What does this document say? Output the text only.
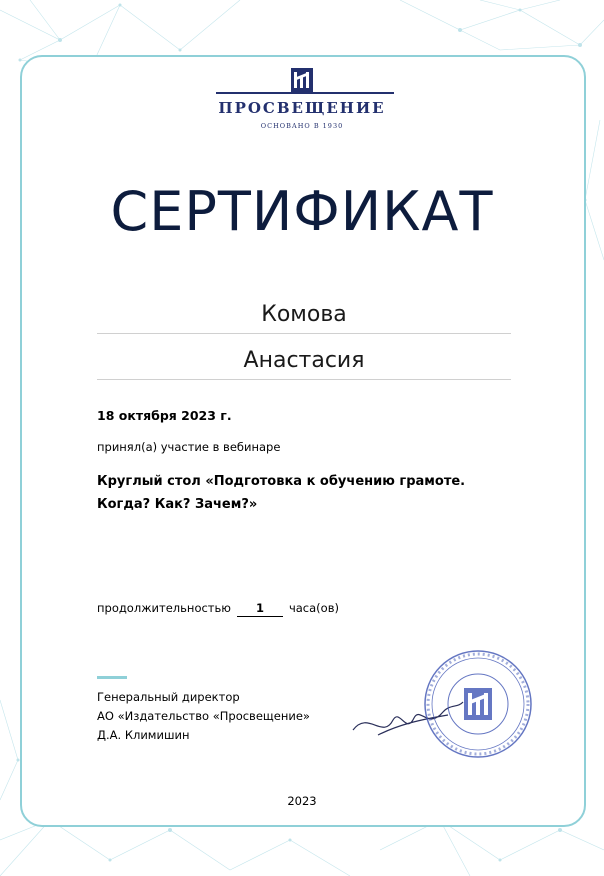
ПРОСВЕЩЕНИЕ
ОСНОВАНО В 1930
СЕРТИФИКАТ
Комова
Анастасия
18 октября 2023 г.
принял(а) участие в вебинаре
Круглый стол «Подготовка к обучению грамоте. Когда? Как? Зачем?»
продолжительностью 1 часа(ов)
Генеральный директор
АО «Издательство «Просвещение»
Д.А. Климишин
2023
